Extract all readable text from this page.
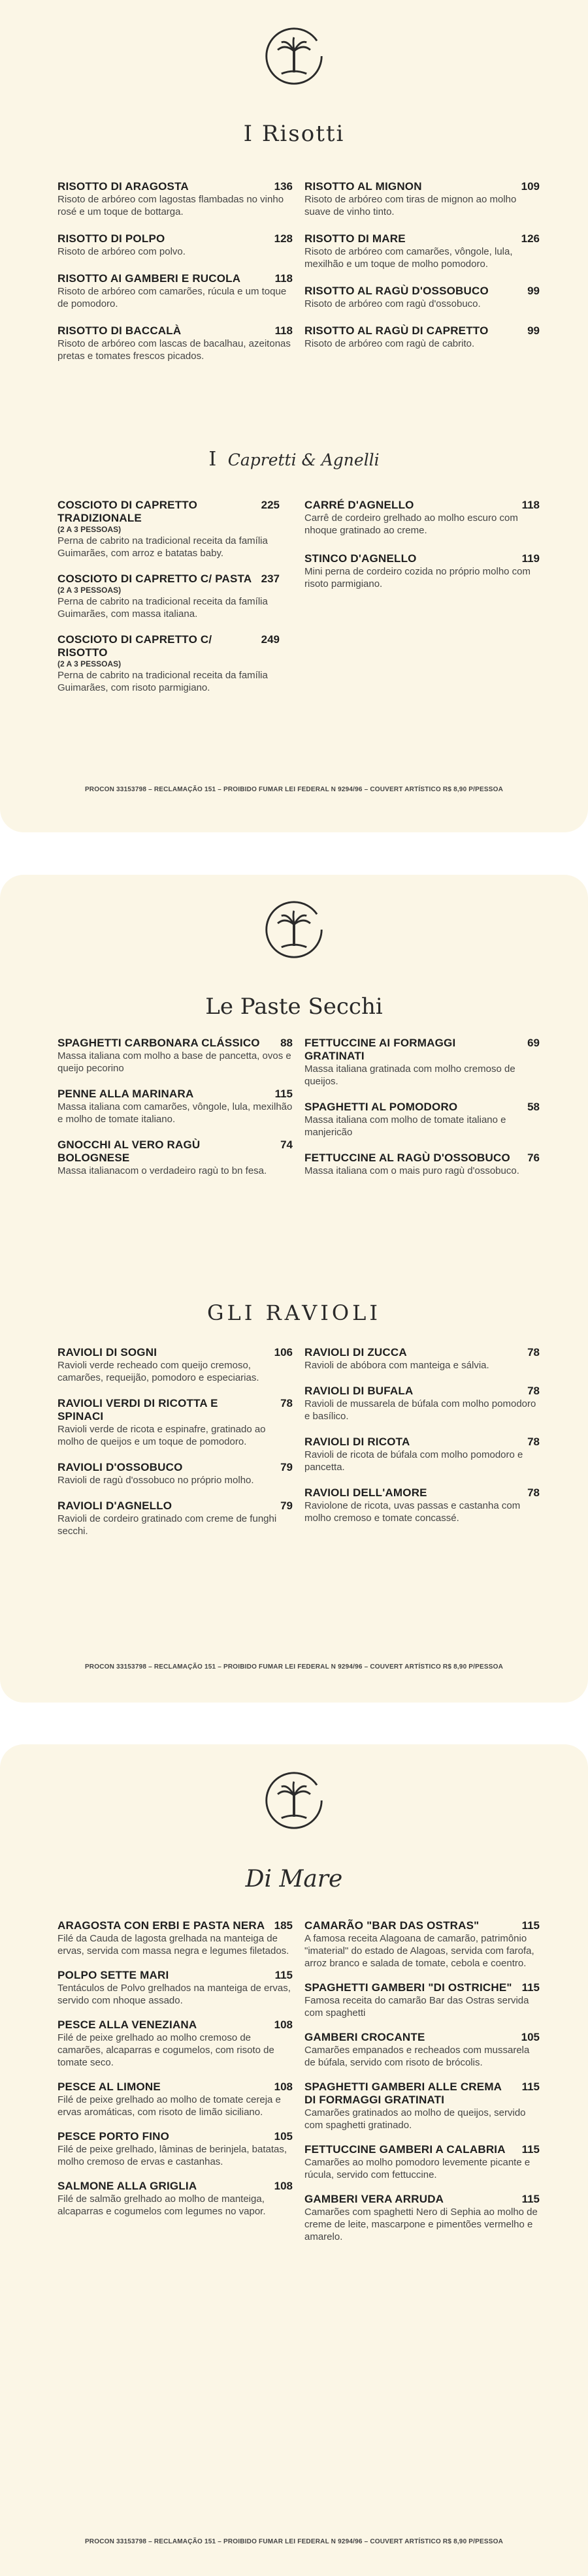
I Risotti
RISOTTO DI ARAGOSTA	136
Risoto de arbóreo com lagostas flambadas no vinho rosé e um toque de bottarga.
RISOTTO DI POLPO	128
Risoto de arbóreo com polvo.
RISOTTO AI GAMBERI E RUCOLA	118
Risoto de arbóreo com camarões, rúcula e um toque de pomodoro.
RISOTTO DI BACCALÀ	118
Risoto de arbóreo com lascas de bacalhau, azeitonas pretas e tomates frescos picados.
RISOTTO AL MIGNON	109
Risoto de arbóreo com tiras de mignon ao molho suave de vinho tinto.
RISOTTO DI MARE	126
Risoto de arbóreo com camarões, vôngole, lula, mexilhão e um toque de molho pomodoro.
RISOTTO AL RAGÙ D'OSSOBUCO	99
Risoto de arbóreo com ragù d'ossobuco.
RISOTTO AL RAGÙ DI CAPRETTO	99
Risoto de arbóreo com ragù de cabrito.
I Capretti & Agnelli
COSCIOTO DI CAPRETTO TRADIZIONALE
225
(2 A 3 PESSOAS)
Perna de cabrito na tradicional receita da família Guimarães, com arroz e batatas baby.
COSCIOTO DI CAPRETTO C/ PASTA 237
(2 A 3 PESSOAS)
Perna de cabrito na tradicional receita da família Guimarães, com massa italiana.
COSCIOTO DI CAPRETTO C/ RISOTTO
249
(2 A 3 PESSOAS)
Perna de cabrito na tradicional receita da família Guimarães, com risoto parmigiano.
CARRÉ D'AGNELLO	118
Carrê de cordeiro grelhado ao molho escuro com nhoque gratinado ao creme.
STINCO D'AGNELLO	119
Mini perna de cordeiro cozida no próprio molho com risoto parmigiano.
PROCON 33153798 – RECLAMAÇÃO 151 – PROIBIDO FUMAR LEI FEDERAL N 9294/96 – COUVERT ARTÍSTICO R$ 8,90 P/PESSOA
Le Paste Secchi
SPAGHETTI CARBONARA CLÁSSICO	88
Massa italiana com molho a base de pancetta, ovos e queijo pecorino
PENNE ALLA MARINARA	115
Massa italiana com camarões, vôngole, lula, mexilhão e molho de tomate italiano.
GNOCCHI AL VERO RAGÙ BOLOGNESE
74
Massa italianacom o verdadeiro ragù to bn fesa.
FETTUCCINE AI FORMAGGI GRATINATI
69
Massa italiana gratinada com molho cremoso de queijos.
SPAGHETTI AL POMODORO	58
Massa italiana com molho de tomate italiano e manjericão
FETTUCCINE AL RAGÙ D'OSSOBUCO	76
Massa italiana com o mais puro ragù d'ossobuco.
GLI RAVIOLI
RAVIOLI DI SOGNI	106
Ravioli verde recheado com queijo cremoso, camarões, requeijão, pomodoro e especiarias.
RAVIOLI VERDI DI RICOTTA E SPINACI
78
Ravioli verde de ricota e espinafre, gratinado ao molho de queijos e um toque de pomodoro.
RAVIOLI D'OSSOBUCO	79
Ravioli de ragù d'ossobuco no próprio molho.
RAVIOLI D'AGNELLO	79
Ravioli de cordeiro gratinado com creme de funghi secchi.
RAVIOLI DI ZUCCA	78
Ravioli de abóbora com manteiga e sálvia.
RAVIOLI DI BUFALA	78
Ravioli de mussarela de búfala com molho pomodoro e basílico.
RAVIOLI DI RICOTA	78
Ravioli de ricota de búfala com molho pomodoro e pancetta.
RAVIOLI DELL'AMORE	78
Raviolone de ricota, uvas passas e castanha com molho cremoso e tomate concassé.
PROCON 33153798 – RECLAMAÇÃO 151 – PROIBIDO FUMAR LEI FEDERAL N 9294/96 – COUVERT ARTÍSTICO R$ 8,90 P/PESSOA
Di Mare
ARAGOSTA CON ERBI E PASTA NERA 185
Filé da Cauda de lagosta grelhada na manteiga de ervas, servida com massa negra e legumes filetados.
POLPO SETTE MARI	115
Tentáculos de Polvo grelhados na manteiga de ervas, servido com nhoque assado.
PESCE ALLA VENEZIANA	108
Filé de peixe grelhado ao molho cremoso de camarões, alcaparras e cogumelos, com risoto de tomate seco.
PESCE AL LIMONE	108
Filé de peixe grelhado ao molho de tomate cereja e ervas aromáticas, com risoto de limão siciliano.
PESCE PORTO FINO	105
Filé de peixe grelhado, lâminas de berinjela, batatas, molho cremoso de ervas e castanhas.
SALMONE ALLA GRIGLIA	108
Filé de salmão grelhado ao molho de manteiga, alcaparras e cogumelos com legumes no vapor.
CAMARÃO "BAR DAS OSTRAS"	115
A famosa receita Alagoana de camarão, patrimônio "imaterial" do estado de Alagoas, servida com farofa, arroz branco e salada de tomate, cebola e coentro.
SPAGHETTI GAMBERI "DI OSTRICHE" 115
Famosa receita do camarão Bar das Ostras servida com spaghetti
GAMBERI CROCANTE	105
Camarões empanados e recheados com mussarela de búfala, servido com risoto de brócolis.
SPAGHETTI GAMBERI ALLE CREMA DI FORMAGGI GRATINATI
115
Camarões gratinados ao molho de queijos, servido com spaghetti gratinado.
FETTUCCINE GAMBERI A CALABRIA	115
Camarões ao molho pomodoro levemente picante e rúcula, servido com fettuccine.
GAMBERI VERA ARRUDA	115
Camarões com spaghetti Nero di Sephia ao molho de creme de leite, mascarpone e pimentões vermelho e amarelo.
PROCON 33153798 – RECLAMAÇÃO 151 – PROIBIDO FUMAR LEI FEDERAL N 9294/96 – COUVERT ARTÍSTICO R$ 8,90 P/PESSOA
